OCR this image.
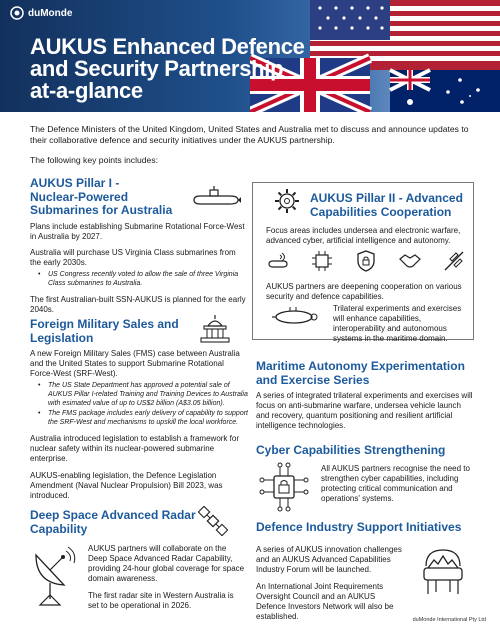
duMonde
AUKUS Enhanced Defence
and Security Partnership
at-a-glance

The Defence Ministers of the United Kingdom, United States and Australia met to discuss and announce updates to their collaborative defence and security initiatives under the AUKUS partnership.

The following key points includes:

AUKUS Pillar I -
Nuclear-Powered
Submarines for Australia

Plans include establishing Submarine Rotational Force-West in Australia by 2027.

Australia will purchase US Virginia Class submarines from the early 2030s.

• US Congress recently voted to allow the sale of three Virginia Class submarines to Australia.

The first Australian-built SSN-AUKUS is planned for the early 2040s.

Foreign Military Sales and
Legislation

A new Foreign Military Sales (FMS) case between Australia and the United States to support Submarine Rotational Force-West (SRF-West).

• The US State Department has approved a potential sale of AUKUS Pillar I-related Training and Training Devices to Australia with esimated value of up to US$2 billion (A$3.05 billion).

• The FMS package includes early delivery of capability to support the SRF-West and mechanisms to upskill the local workforce.

Australia introduced legislation to establish a framework for nuclear safety within its nuclear-powered submarine enterprise.

AUKUS-enabling legislation, the Defence Legislation Amendment (Naval Nuclear Propulsion) Bill 2023, was introduced.

Deep Space Advanced Radar
Capability

AUKUS partners will collaborate on the Deep Space Advanced Radar Capability, providing 24-hour global coverage for space domain awareness.

The first radar site in Western Australia is set to be operational in 2026.

AUKUS Pillar II - Advanced
Capabilities Cooperation

Focus areas includes undersea and electronic warfare, advanced cyber, artificial intelligence and autonomy.

AUKUS partners are deepening cooperation on various security and defence capabilities.

Trilateral experiments and exercises will enhance capabilities, interoperability and autonomous systems in the maritime domain.

Maritime Autonomy Experimentation
and Exercise Series

A series of integrated trilateral experiments and exercises will focus on anti-submarine warfare, undersea vehicle launch and recovery, quantum positioning and resilient artificial intelligence technologies.

Cyber Capabilities Strengthening

All AUKUS partners recognise the need to strengthen cyber capabilities, including protecting critical communication and operations' systems.

Defence Industry Support Initiatives

A series of AUKUS innovation challenges and an AUKUS Advanced Capabilities Industry Forum will be launched.

An International Joint Requirements Oversight Council and an AUKUS Defence Investors Network will also be established.	duMonde International Pty Ltd
